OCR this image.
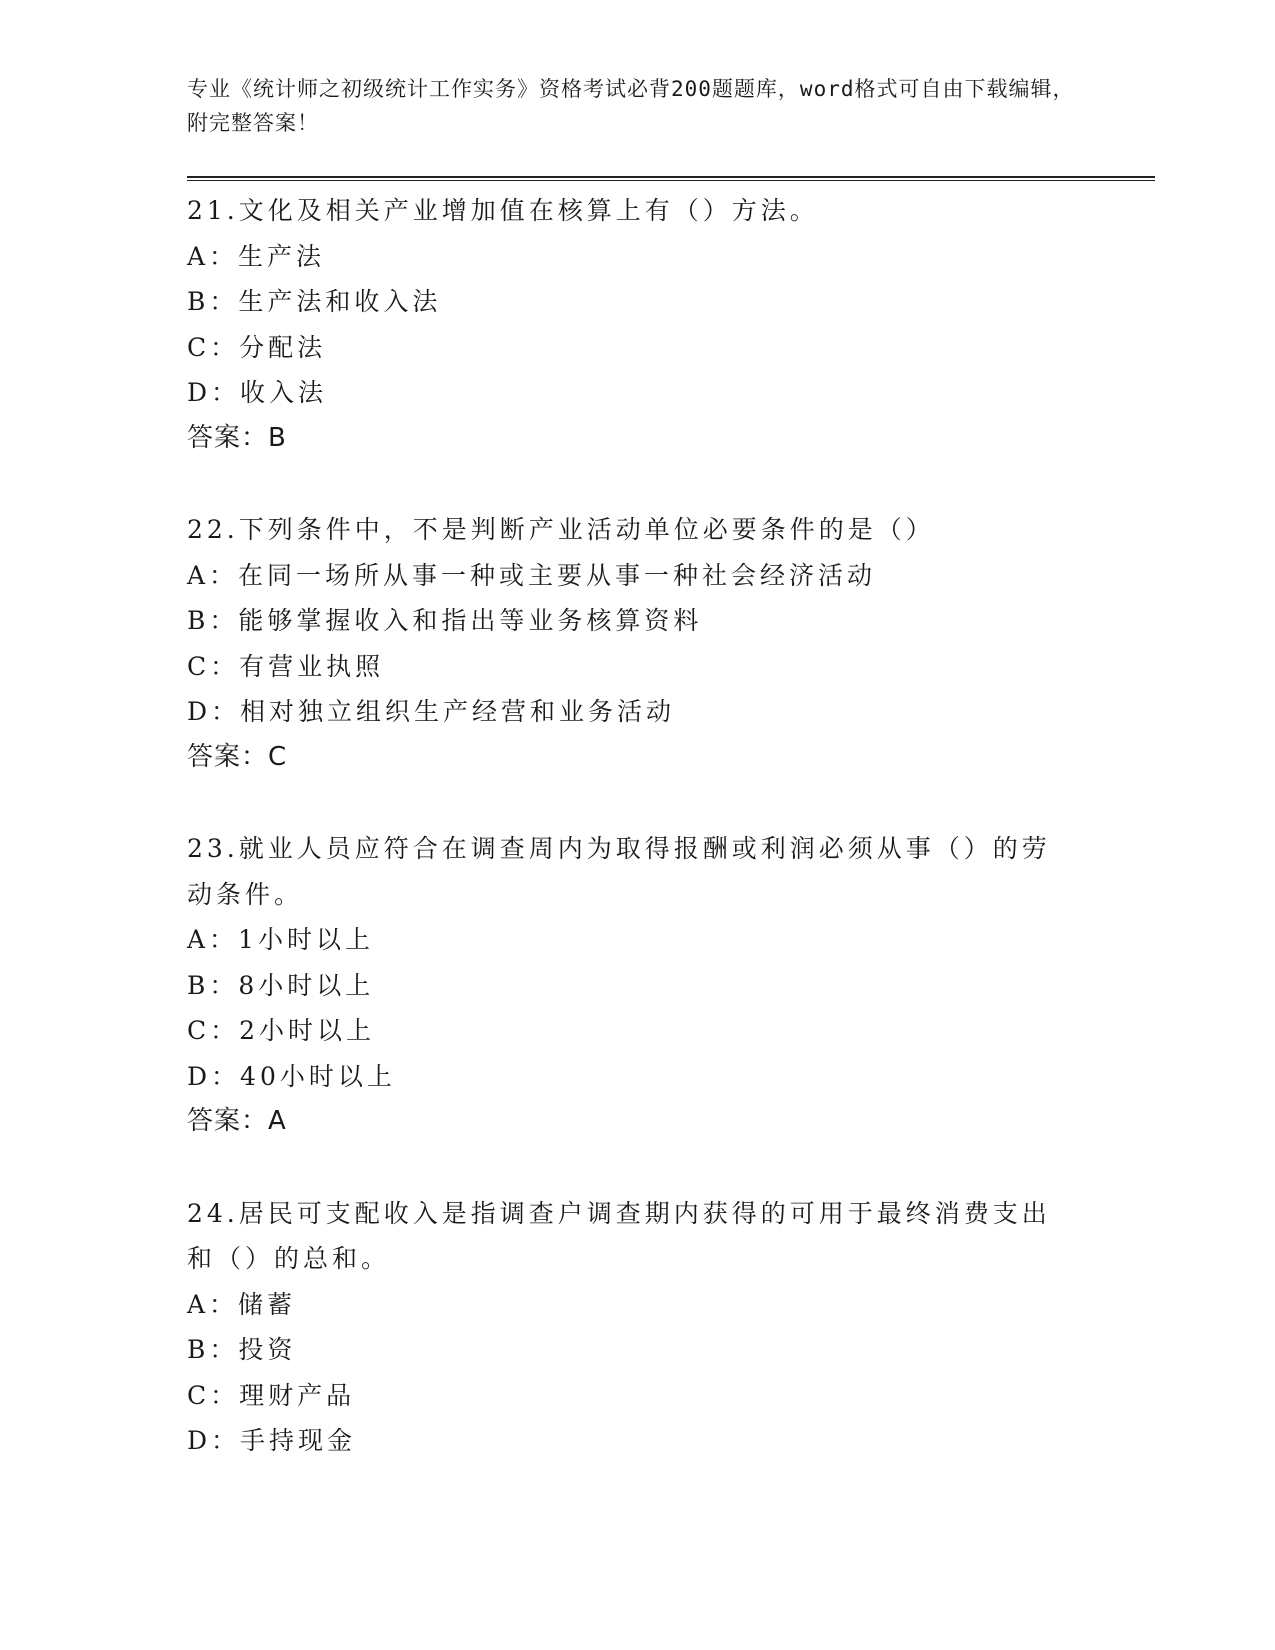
专业《统计师之初级统计工作实务》资格考试必背200题题库，word格式可自由下载编辑，附完整答案！
21.文化及相关产业增加值在核算上有（）方法。
A：生产法
B：生产法和收入法
C：分配法
D：收入法
答案：B
22.下列条件中，不是判断产业活动单位必要条件的是（）
A：在同一场所从事一种或主要从事一种社会经济活动
B：能够掌握收入和指出等业务核算资料
C：有营业执照
D：相对独立组织生产经营和业务活动
答案：C
23.就业人员应符合在调查周内为取得报酬或利润必须从事（）的劳动条件。
A：1小时以上
B：8小时以上
C：2小时以上
D：40小时以上
答案：A
24.居民可支配收入是指调查户调查期内获得的可用于最终消费支出和（）的总和。
A：储蓄
B：投资
C：理财产品
D：手持现金
